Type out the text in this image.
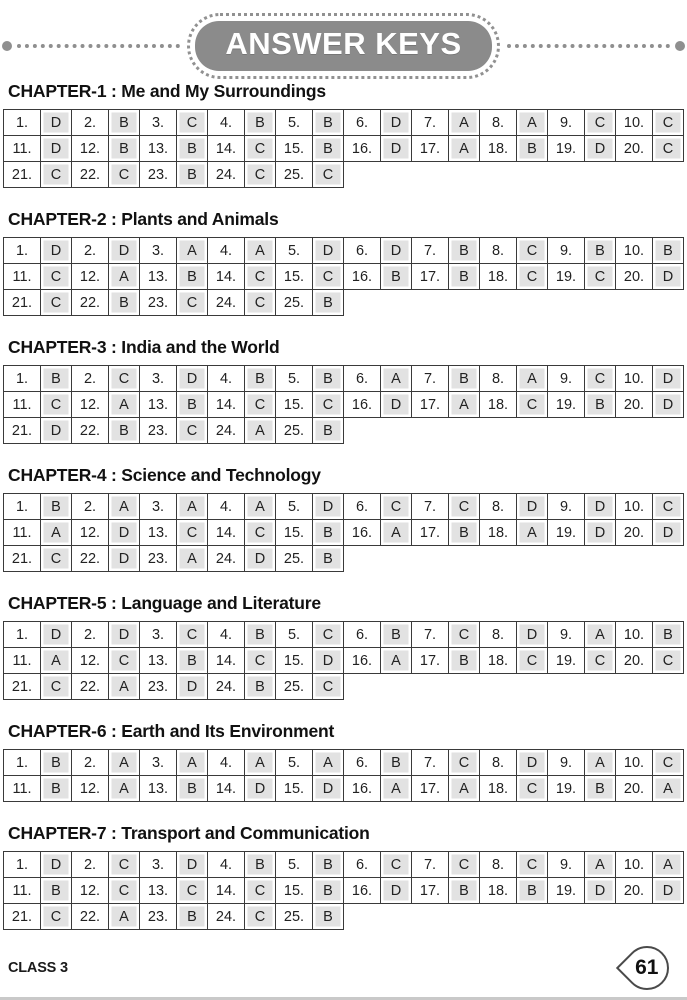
ANSWER KEYS
CHAPTER-1 : Me and My Surroundings
1.	D	2.	B	3.	C	4.	B	5.	B	6.	D	7.	A	8.	A	9.	C	10.	C
11.	D	12.	B	13.	B	14.	C	15.	B	16.	D	17.	A	18.	B	19.	D	20.	C
21.	C	22.	C	23.	B	24.	C	25.	C										
CHAPTER-2 : Plants and Animals
1.	D	2.	D	3.	A	4.	A	5.	D	6.	D	7.	B	8.	C	9.	B	10.	B
11.	C	12.	A	13.	B	14.	C	15.	C	16.	B	17.	B	18.	C	19.	C	20.	D
21.	C	22.	B	23.	C	24.	C	25.	B										
CHAPTER-3 : India and the World
1.	B	2.	C	3.	D	4.	B	5.	B	6.	A	7.	B	8.	A	9.	C	10.	D
11.	C	12.	A	13.	B	14.	C	15.	C	16.	D	17.	A	18.	C	19.	B	20.	D
21.	D	22.	B	23.	C	24.	A	25.	B										
CHAPTER-4 : Science and Technology
1.	B	2.	A	3.	A	4.	A	5.	D	6.	C	7.	C	8.	D	9.	D	10.	C
11.	A	12.	D	13.	C	14.	C	15.	B	16.	A	17.	B	18.	A	19.	D	20.	D
21.	C	22.	D	23.	A	24.	D	25.	B										
CHAPTER-5 : Language and Literature
1.	D	2.	D	3.	C	4.	B	5.	C	6.	B	7.	C	8.	D	9.	A	10.	B
11.	A	12.	C	13.	B	14.	C	15.	D	16.	A	17.	B	18.	C	19.	C	20.	C
21.	C	22.	A	23.	D	24.	B	25.	C										
CHAPTER-6 : Earth and Its Environment
1.	B	2.	A	3.	A	4.	A	5.	A	6.	B	7.	C	8.	D	9.	A	10.	C
11.	B	12.	A	13.	B	14.	D	15.	D	16.	A	17.	A	18.	C	19.	B	20.	A
CHAPTER-7 : Transport and Communication
1.	D	2.	C	3.	D	4.	B	5.	B	6.	C	7.	C	8.	C	9.	A	10.	A
11.	B	12.	C	13.	C	14.	C	15.	B	16.	D	17.	B	18.	B	19.	D	20.	D
21.	C	22.	A	23.	B	24.	C	25.	B										
CLASS 3	61
